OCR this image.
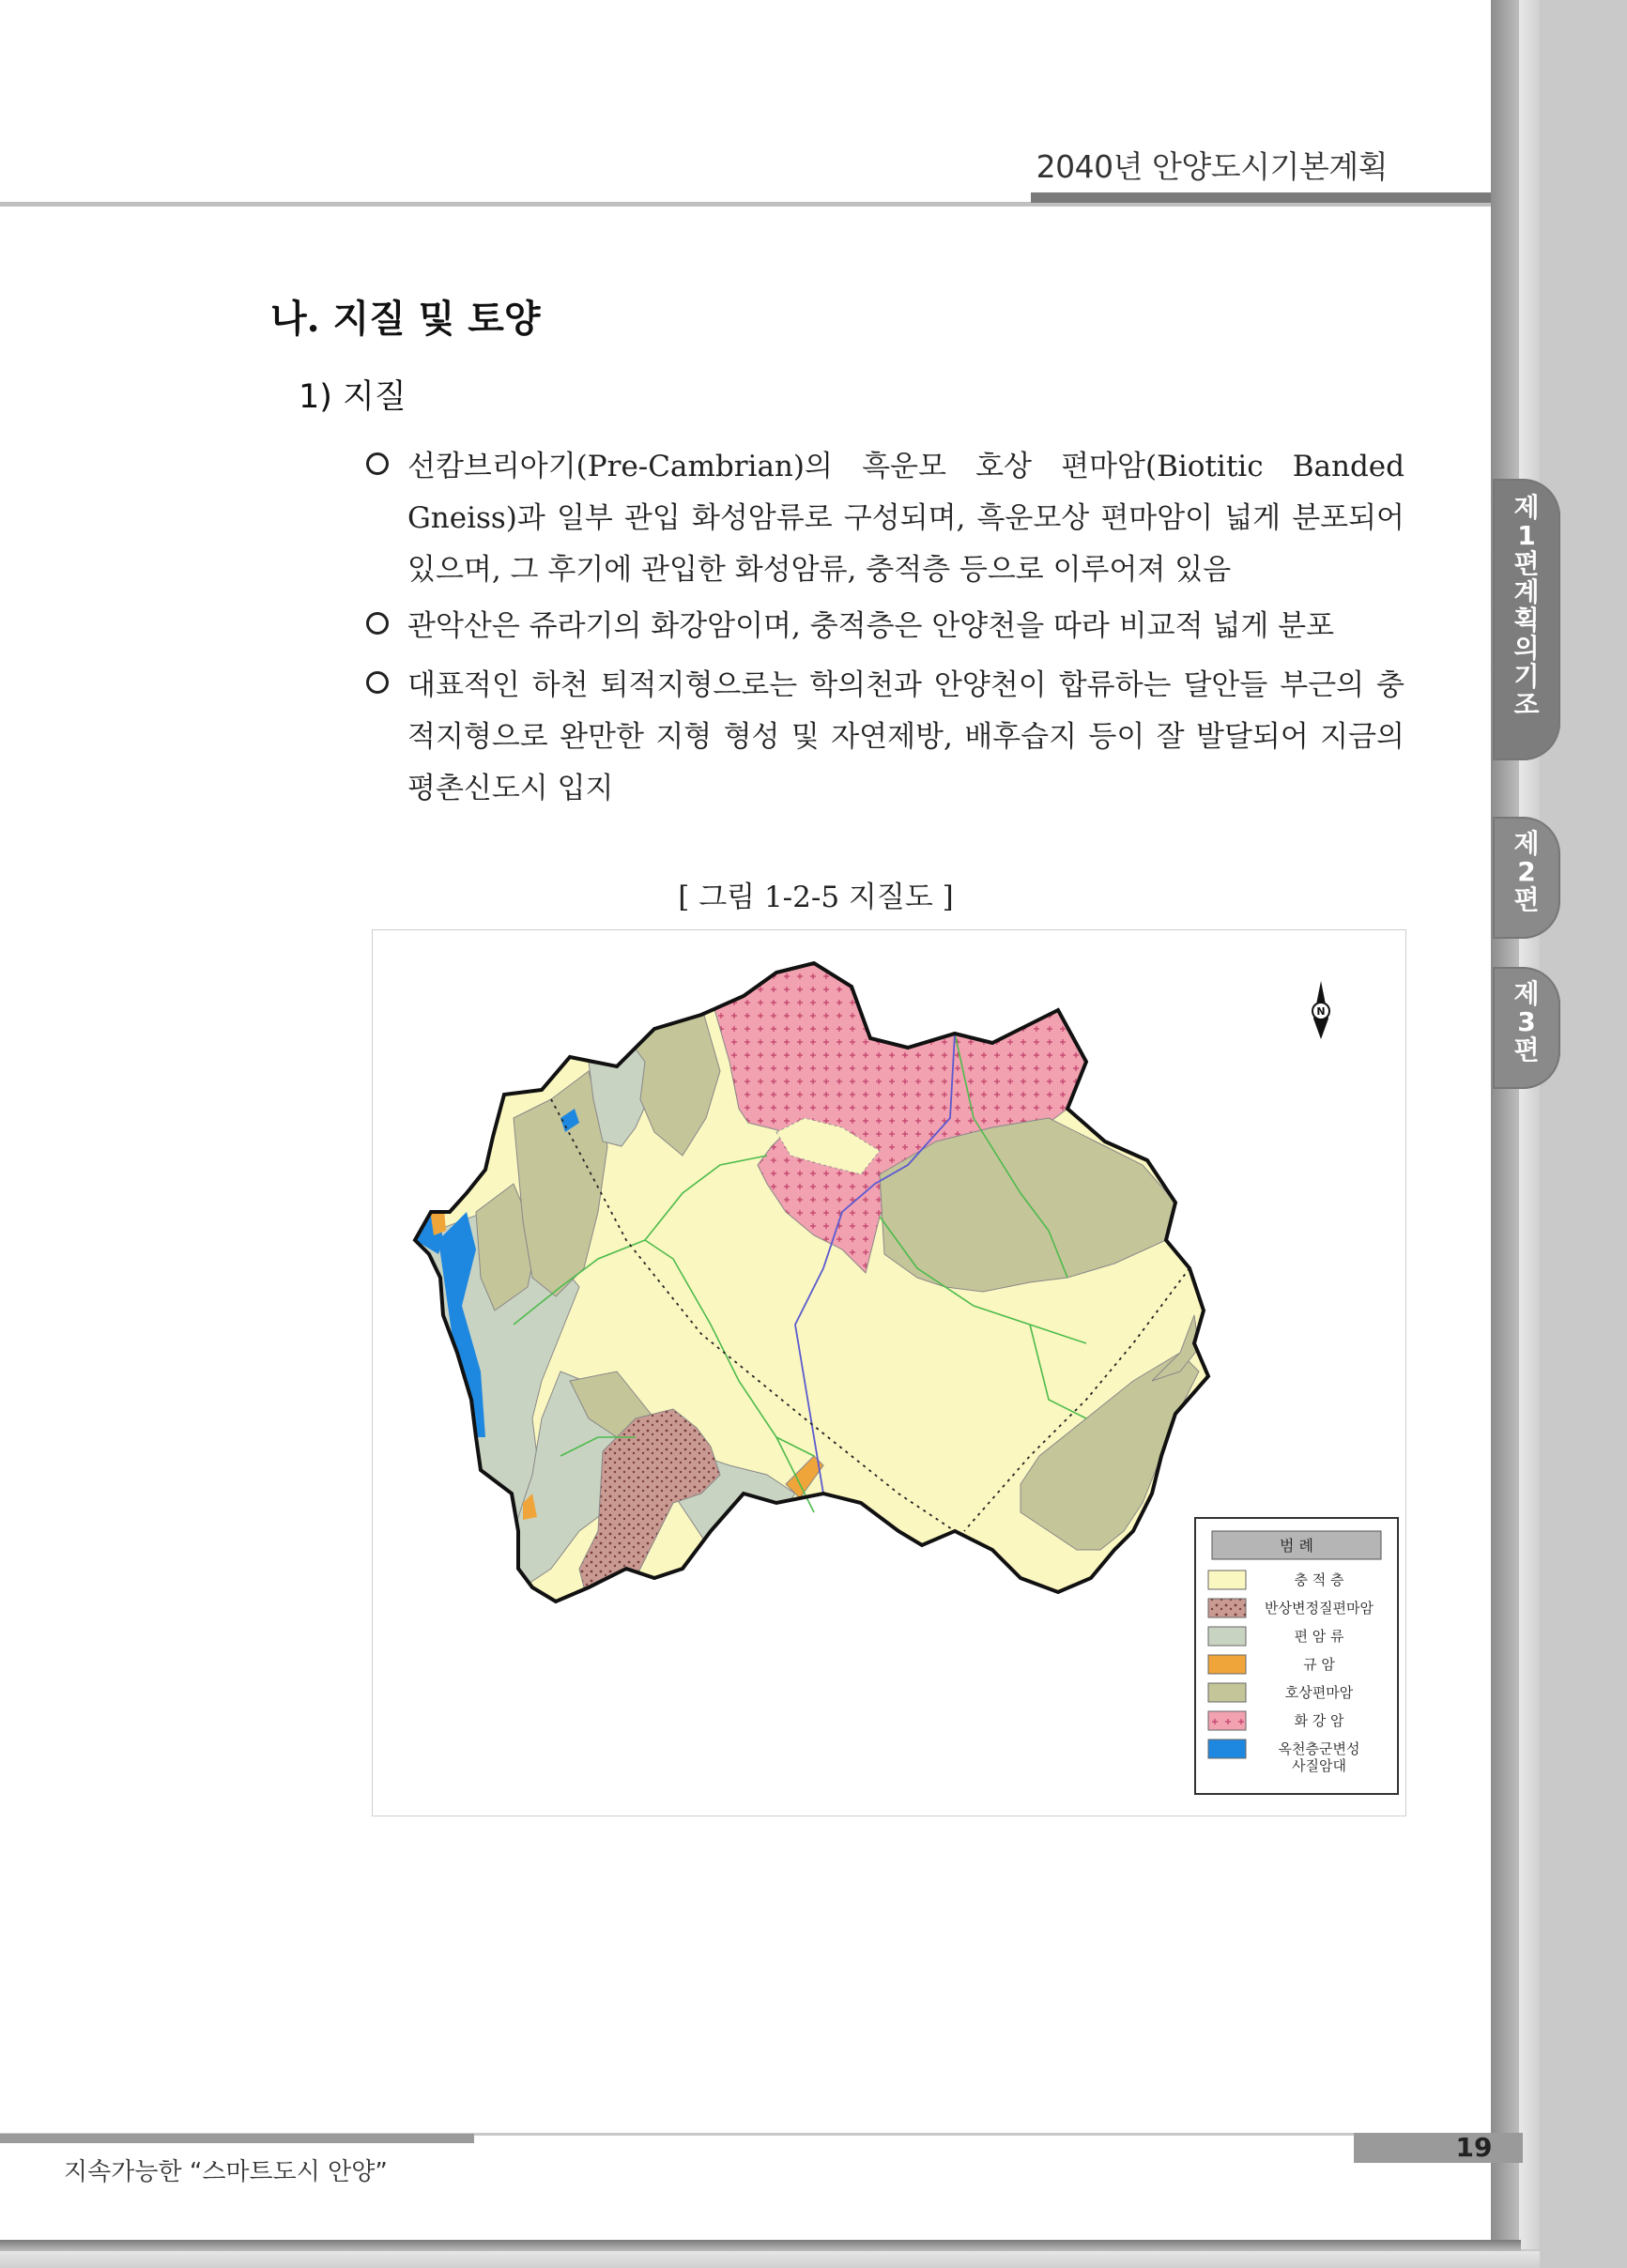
2040년 안양도시기본계획
나. 지질 및 토양
1) 지질
선캄브리아기(Pre-Cambrian)의 흑운모 호상 편마암(Biotitic Banded Gneiss)과 일부 관입 화성암류로 구성되며, 흑운모상 편마암이 넓게 분포되어 있으며, 그 후기에 관입한 화성암류, 충적층 등으로 이루어져 있음
관악산은 쥬라기의 화강암이며, 충적층은 안양천을 따라 비교적 넓게 분포
대표적인 하천 퇴적지형으로는 학의천과 안양천이 합류하는 달안들 부근의 충적지형으로 완만한 지형 형성 및 자연제방, 배후습지 등이 잘 발달되어 지금의 평촌신도시 입지
[ 그림 1-2-5 지질도 ]
N
범 례
충 적 층
반상변정질편마암
편 암 류
규 암
호상편마암
화 강 암
옥천층군변성
사질암대
제
1
편
계
획
의
기
조
제
2
편
제
3
편
지속가능한 “스마트도시 안양”
19
